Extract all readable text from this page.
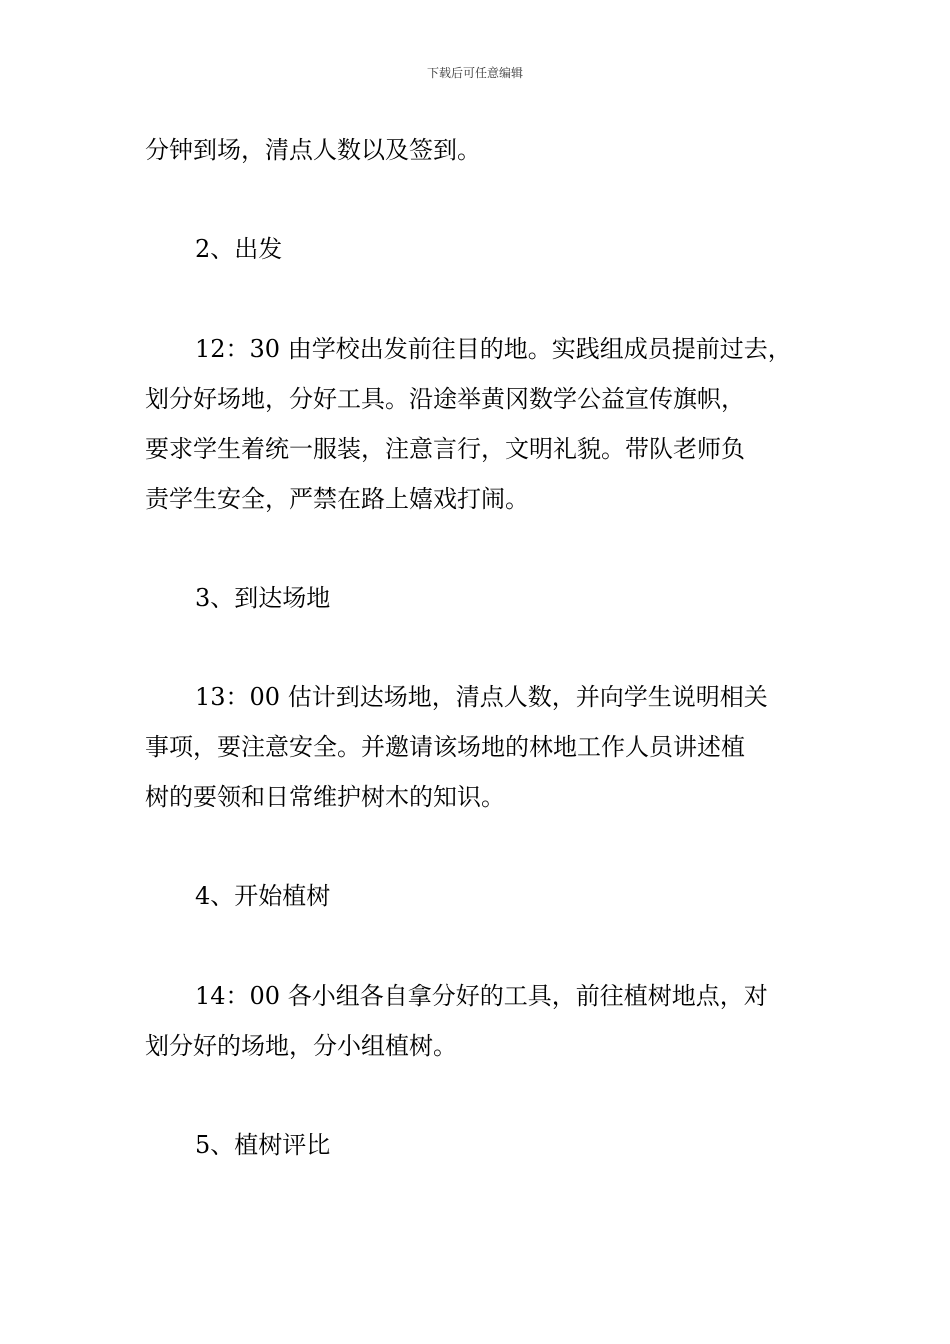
下载后可任意编辑
分钟到场，清点人数以及签到。
2、出发
12：30 由学校出发前往目的地。实践组成员提前过去，
划分好场地，分好工具。沿途举黄冈数学公益宣传旗帜，
要求学生着统一服装，注意言行，文明礼貌。带队老师负
责学生安全，严禁在路上嬉戏打闹。
3、到达场地
13：00 估计到达场地，清点人数，并向学生说明相关
事项，要注意安全。并邀请该场地的林地工作人员讲述植
树的要领和日常维护树木的知识。
4、开始植树
14：00 各小组各自拿分好的工具，前往植树地点，对
划分好的场地，分小组植树。
5、植树评比
